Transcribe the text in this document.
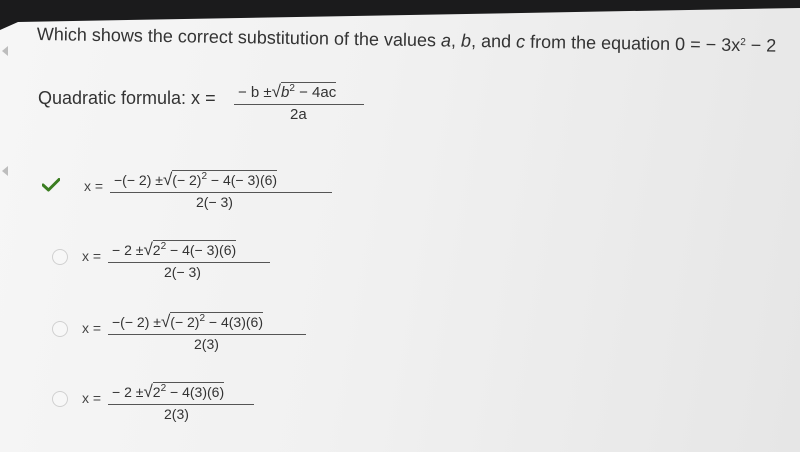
Which shows the correct substitution of the values a, b, and c from the equation 0 = − $3x^2 - 2$
Quadratic formula: x = − $b \pm√b^2 - 4ac$
2a
x = −(− 2) ±√(− 2)$^2$ − 4(− 3)(6)
2(− 3)
x = − $2 \pm√2^2 - 4(- 3)(6)$
2(− 3)
x = −(− 2) ±√(− 2)$^2$ − 4(3)(6)
2(3)
x = − $2 \pm√2^2 - 4(3)(6)$
2(3)
